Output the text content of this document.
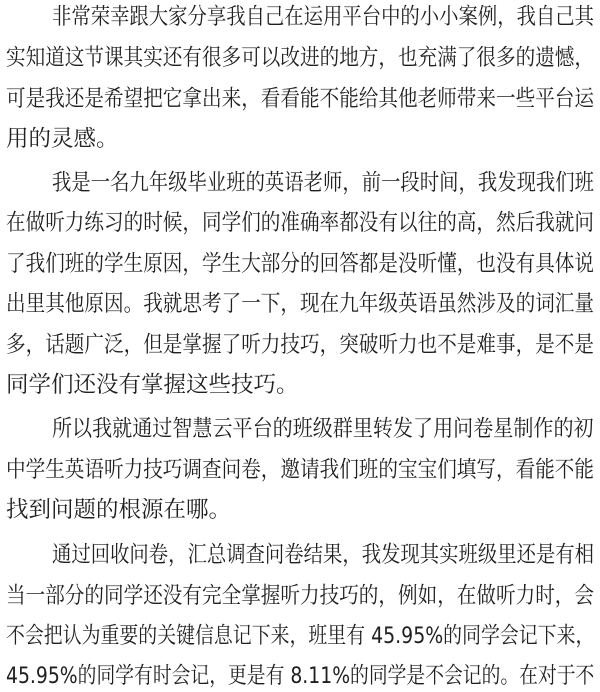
非常荣幸跟大家分享我自己在运用平台中的小小案例，我自己其
实知道这节课其实还有很多可以改进的地方，也充满了很多的遗憾，
可是我还是希望把它拿出来，看看能不能给其他老师带来一些平台运
用的灵感。
我是一名九年级毕业班的英语老师，前一段时间，我发现我们班
在做听力练习的时候，同学们的准确率都没有以往的高，然后我就问
了我们班的学生原因，学生大部分的回答都是没听懂，也没有具体说
出里其他原因。我就思考了一下，现在九年级英语虽然涉及的词汇量
多，话题广泛，但是掌握了听力技巧，突破听力也不是难事，是不是
同学们还没有掌握这些技巧。
所以我就通过智慧云平台的班级群里转发了用问卷星制作的初
中学生英语听力技巧调查问卷，邀请我们班的宝宝们填写，看能不能
找到问题的根源在哪。
通过回收问卷，汇总调查问卷结果，我发现其实班级里还是有相
当一部分的同学还没有完全掌握听力技巧的，例如，在做听力时，会
不会把认为重要的关键信息记下来，班里有 45.95%的同学会记下来，
45.95%的同学有时会记，更是有 8.11%的同学是不会记的。在对于不
